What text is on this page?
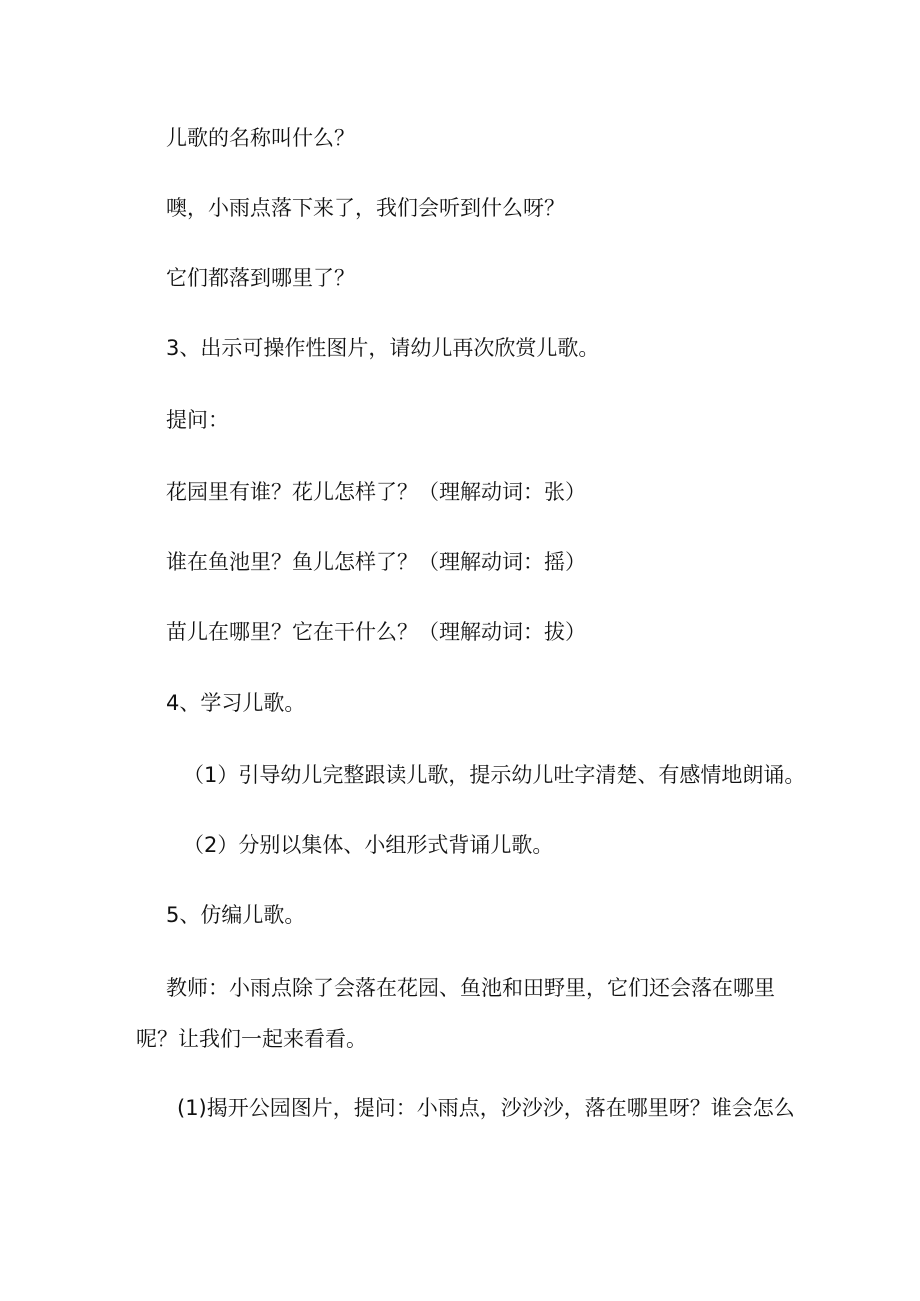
儿歌的名称叫什么？
噢，小雨点落下来了，我们会听到什么呀？
它们都落到哪里了？
3、出示可操作性图片，请幼儿再次欣赏儿歌。
提问：
花园里有谁？花儿怎样了？（理解动词：张）
谁在鱼池里？鱼儿怎样了？（理解动词：摇）
苗儿在哪里？它在干什么？（理解动词：拔）
4、学习儿歌。
（1）引导幼儿完整跟读儿歌，提示幼儿吐字清楚、有感情地朗诵。
（2）分别以集体、小组形式背诵儿歌。
5、仿编儿歌。
教师：小雨点除了会落在花园、鱼池和田野里，它们还会落在哪里
呢？让我们一起来看看。
(1)揭开公园图片，提问：小雨点，沙沙沙，落在哪里呀？谁会怎么
